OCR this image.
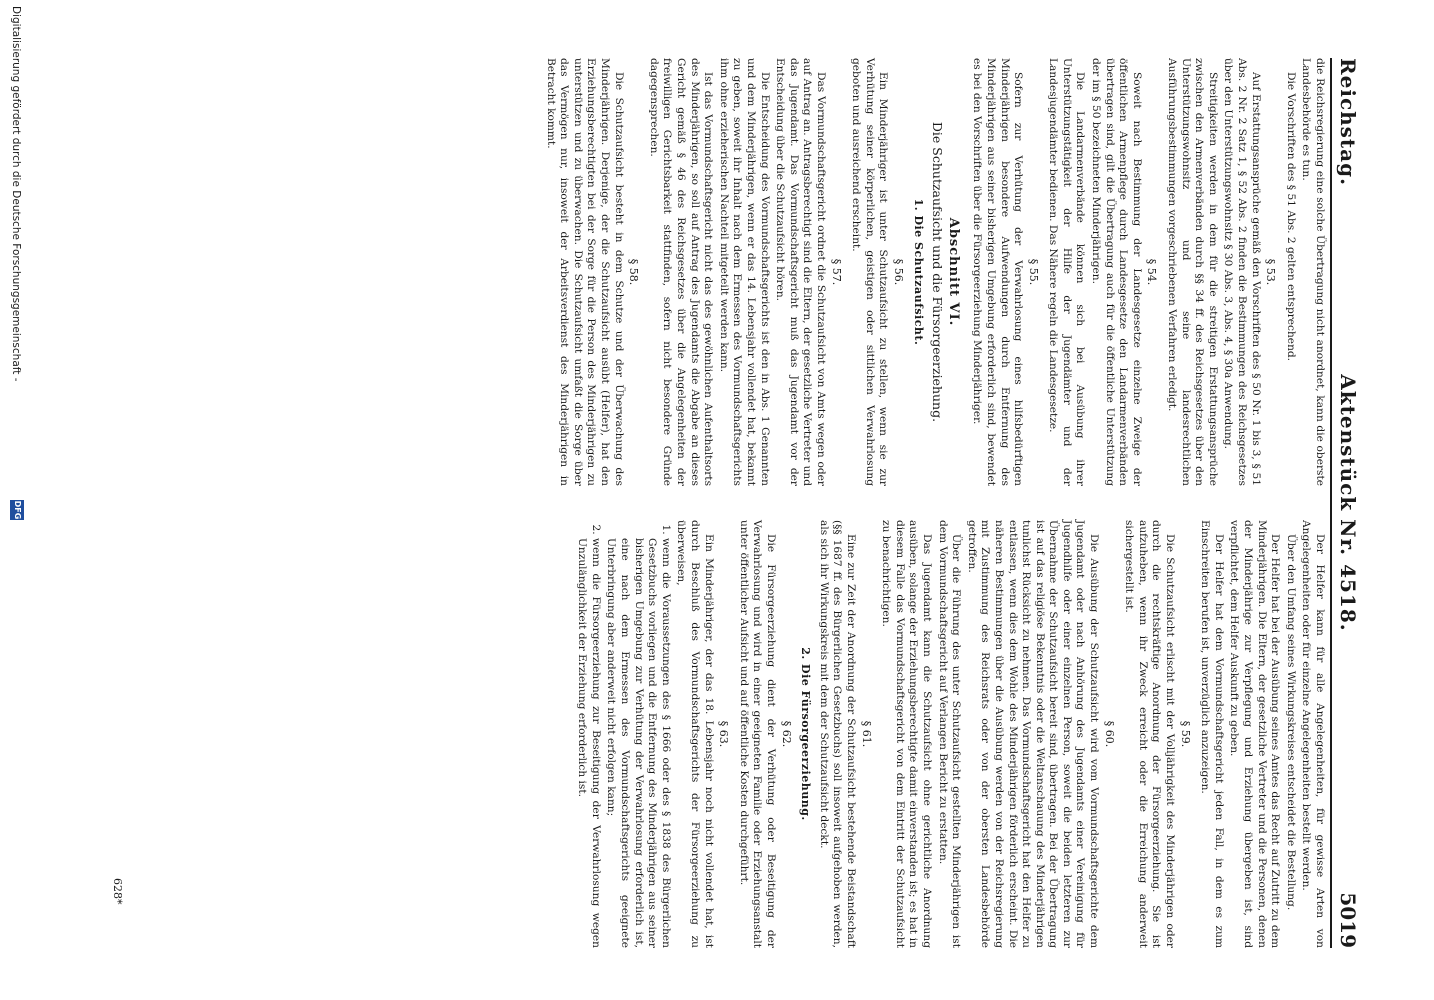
Reichstag.
Aktenstück Nr. 4518.
5019

die Reichsregierung eine solche Übertragung nicht anordnet, kann die oberste Landesbehörde es tun.

Die Vorschriften des § 51 Abs. 2 gelten entsprechend.

§ 53.

Auf Erstattungsansprüche gemäß den Vorschriften des § 50 Nr. 1 bis 3, § 51 Abs. 2 Nr. 2 Satz 1, § 52 Abs. 2 finden die Bestimmungen des Reichsgesetzes über den Unterstützungswohnsitz § 30 Abs. 3, Abs. 4, § 30a Anwendung.

Streitigkeiten werden in dem für die streitigen Erstattungsansprüche zwischen den Armenverbänden durch §§ 34 ff. des Reichsgesetzes über den Unterstützungswohnsitz und seine landesrechtlichen Ausführungsbestimmungen vorgeschriebenen Verfahren erledigt.

§ 54.

Soweit nach Bestimmung der Landesgesetze einzelne Zweige der öffentlichen Armenpflege durch Landesgesetze den Landarmenverbänden übertragen sind, gilt die Übertragung auch für die öffentliche Unterstützung der im § 50 bezeichneten Minderjährigen.

Die Landarmenverbände können sich bei Ausübung ihrer Unterstützungstätigkeit der Hilfe der Jugendämter und der Landesjugendämter bedienen. Das Nähere regeln die Landesgesetze.

§ 55.

Sofern zur Verhütung der Verwahrlosung eines hilfsbedürftigen Minderjährigen besondere Aufwendungen durch Entfernung des Minderjährigen aus seiner bisherigen Umgebung erforderlich sind, bewendet es bei den Vorschriften über die Fürsorgeerziehung Minderjähriger.

Abschnitt VI.
Die Schutzaufsicht und die Fürsorgeerziehung.
1. Die Schutzaufsicht.
§ 56.

Ein Minderjähriger ist unter Schutzaufsicht zu stellen, wenn sie zur Verhütung seiner körperlichen, geistigen oder sittlichen Verwahrlosung geboten und ausreichend erscheint.

§ 57.

Das Vormundschaftsgericht ordnet die Schutzaufsicht von Amts wegen oder auf Antrag an. Antragsberechtigt sind die Eltern, der gesetzliche Vertreter und das Jugendamt. Das Vormundschaftsgericht muß das Jugendamt vor der Entscheidung über die Schutzaufsicht hören.

Die Entscheidung des Vormundschaftsgerichts ist den in Abs. 1 Genannten und dem Minderjährigen, wenn er das 14. Lebensjahr vollendet hat, bekannt zu geben, soweit ihr Inhalt nach dem Ermessen des Vormundschaftsgerichts ihm ohne erzieherischen Nachteil mitgeteilt werden kann.

Ist das Vormundschaftsgericht nicht das des gewöhnlichen Aufenthaltsorts des Minderjährigen, so soll auf Antrag des Jugendamts die Abgabe an dieses Gericht gemäß § 46 des Reichsgesetzes über die Angelegenheiten der freiwilligen Gerichtsbarkeit stattfinden, sofern nicht besondere Gründe dagegensprechen.

§ 58.

Die Schutzaufsicht besteht in dem Schutze und der Überwachung des Minderjährigen. Derjenige, der die Schutzaufsicht ausübt (Helfer), hat den Erziehungsberechtigten bei der Sorge für die Person des Minderjährigen zu unterstützen und zu überwachen. Die Schutzaufsicht umfaßt die Sorge über das Vermögen nur, insoweit der Arbeitsverdienst des Minderjährigen in Betracht kommt.

Der Helfer kann für alle Angelegenheiten, für gewisse Arten von Angelegenheiten oder für einzelne Angelegenheiten bestellt werden.

Über den Umfang seines Wirkungskreises entscheidet die Bestellung.

Der Helfer hat bei der Ausübung seines Amtes das Recht auf Zutritt zu dem Minderjährigen. Die Eltern, der gesetzliche Vertreter und die Personen, denen der Minderjährige zur Verpflegung und Erziehung übergeben ist, sind verpflichtet, dem Helfer Auskunft zu geben.

Der Helfer hat dem Vormundschaftsgericht jeden Fall, in dem es zum Einschreiten berufen ist, unverzüglich anzuzeigen.

§ 59.

Die Schutzaufsicht erlischt mit der Volljährigkeit des Minderjährigen oder durch die rechtskräftige Anordnung der Fürsorgeerziehung. Sie ist aufzuheben, wenn ihr Zweck erreicht oder die Erreichung anderweit sichergestellt ist.

§ 60.

Die Ausübung der Schutzaufsicht wird vom Vormundschaftsgerichte dem Jugendamt oder nach Anhörung des Jugendamts einer Vereinigung für Jugendhilfe oder einer einzelnen Person, soweit die beiden letzteren zur Übernahme der Schutzaufsicht bereit sind, übertragen. Bei der Übertragung ist auf das religiöse Bekenntnis oder die Weltanschauung des Minderjährigen tunlichst Rücksicht zu nehmen. Das Vormundschaftsgericht hat den Helfer zu entlassen, wenn dies dem Wohle des Minderjährigen förderlich erscheint. Die näheren Bestimmungen über die Ausübung werden von der Reichsregierung mit Zustimmung des Reichsrats oder von der obersten Landesbehörde getroffen.

Über die Führung des unter Schutzaufsicht gestellten Minderjährigen ist dem Vormundschaftsgericht auf Verlangen Bericht zu erstatten.

Das Jugendamt kann die Schutzaufsicht ohne gerichtliche Anordnung ausüben, solange der Erziehungsberechtigte damit einverstanden ist; es hat in diesem Falle das Vormundschaftsgericht von dem Eintritt der Schutzaufsicht zu benachrichtigen.

§ 61.

Eine zur Zeit der Anordnung der Schutzaufsicht bestehende Beistandschaft (§§ 1687 ff. des Bürgerlichen Gesetzbuchs) soll insoweit aufgehoben werden, als sich ihr Wirkungskreis mit dem der Schutzaufsicht deckt.

2. Die Fürsorgeerziehung.
§ 62.

Die Fürsorgeerziehung dient der Verhütung oder Beseitigung der Verwahrlosung und wird in einer geeigneten Familie oder Erziehungsanstalt unter öffentlicher Aufsicht und auf öffentliche Kosten durchgeführt.

§ 63.

Ein Minderjähriger, der das 18. Lebensjahr noch nicht vollendet hat, ist durch Beschluß des Vormundschaftsgerichts der Fürsorgeerziehung zu überweisen,

1. wenn die Voraussetzungen des § 1666 oder des § 1838 des Bürgerlichen Gesetzbuchs vorliegen und die Entfernung des Minderjährigen aus seiner bisherigen Umgebung zur Verhütung der Verwahrlosung erforderlich ist, eine nach dem Ermessen des Vormundschaftsgerichts geeignete Unterbringung aber anderweit nicht erfolgen kann;
2. wenn die Fürsorgeerziehung zur Beseitigung der Verwahrlosung wegen Unzulänglichkeit der Erziehung erforderlich ist.
628*
Digitalisierung gefördert durch die Deutsche Forschungsgemeinschaft -
DFG
